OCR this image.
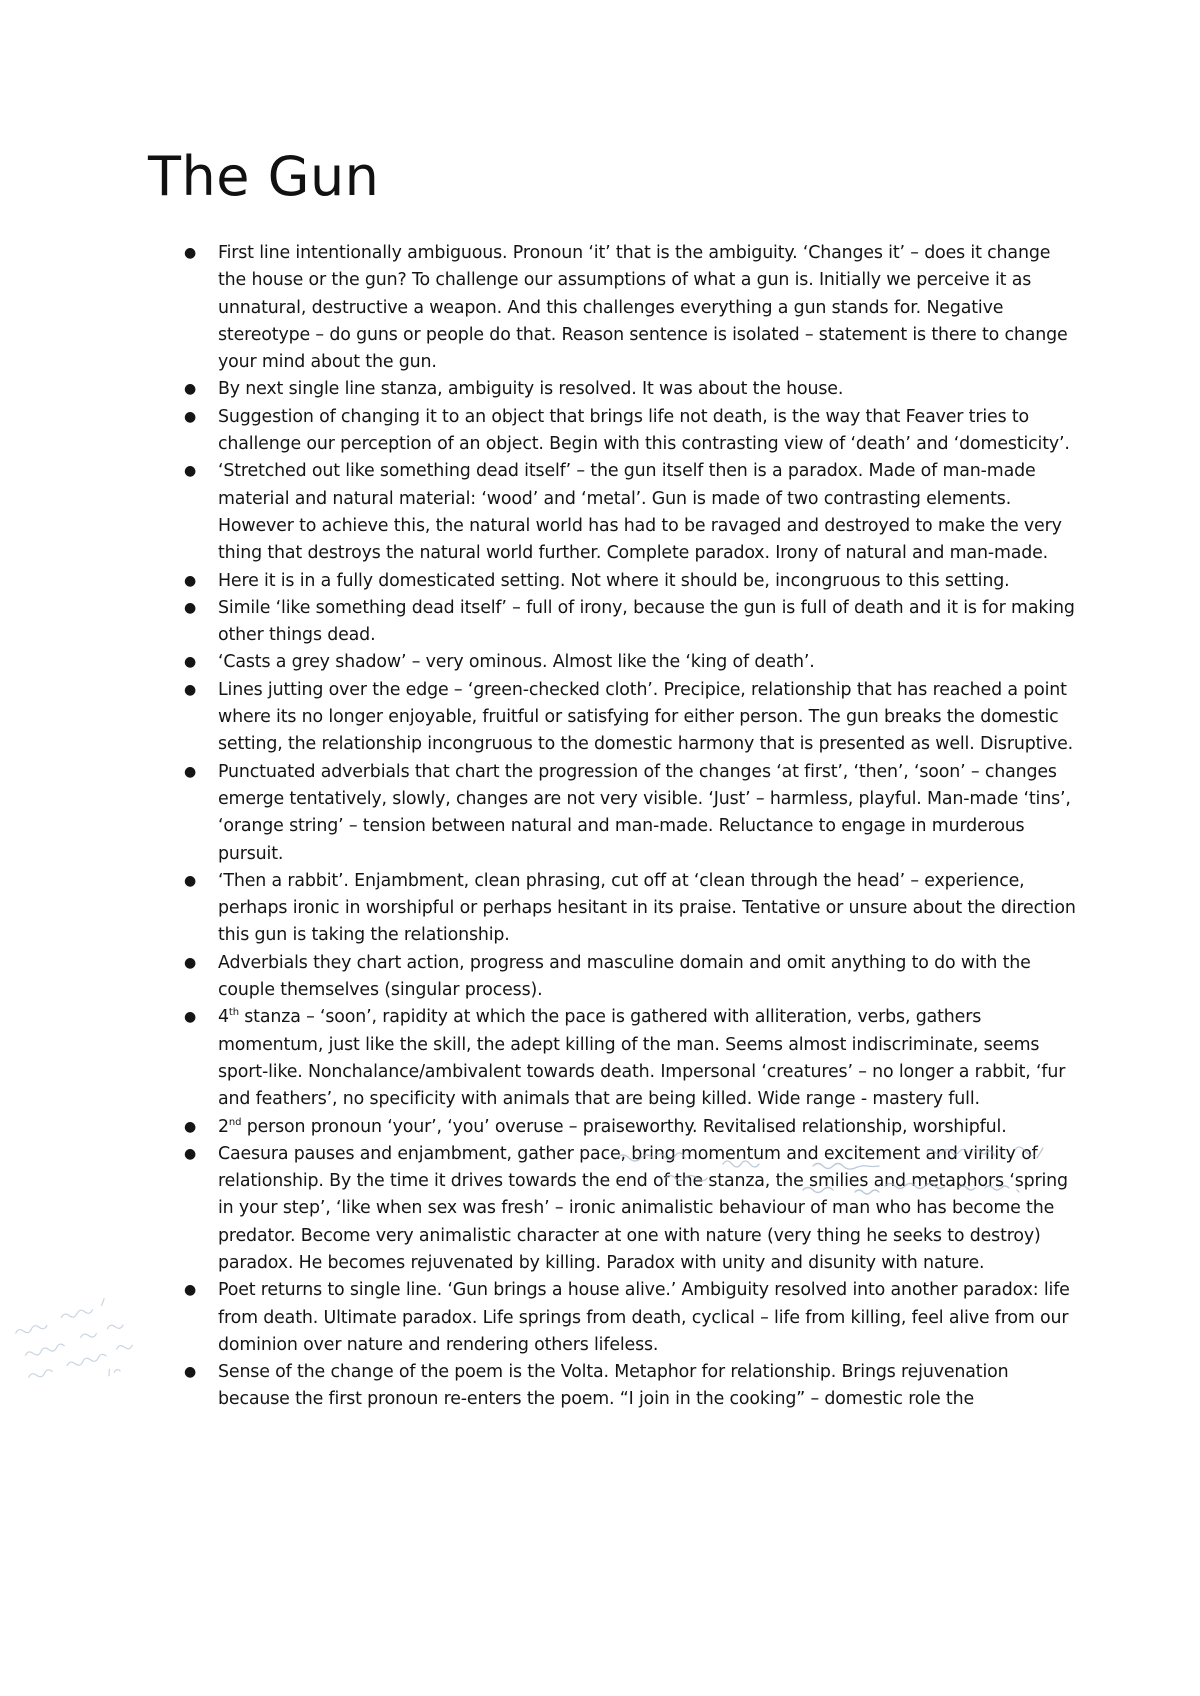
The Gun
● First line intentionally ambiguous. Pronoun ‘it’ that is the ambiguity. ‘Changes it’ – does it change the house or the gun? To challenge our assumptions of what a gun is. Initially we perceive it as unnatural, destructive a weapon. And this challenges everything a gun stands for. Negative stereotype – do guns or people do that. Reason sentence is isolated – statement is there to change your mind about the gun.
● By next single line stanza, ambiguity is resolved. It was about the house.
● Suggestion of changing it to an object that brings life not death, is the way that Feaver tries to challenge our perception of an object. Begin with this contrasting view of ‘death’ and ‘domesticity’.
● ‘Stretched out like something dead itself’ – the gun itself then is a paradox. Made of man-made material and natural material: ‘wood’ and ‘metal’. Gun is made of two contrasting elements. However to achieve this, the natural world has had to be ravaged and destroyed to make the very thing that destroys the natural world further. Complete paradox. Irony of natural and man-made.
● Here it is in a fully domesticated setting. Not where it should be, incongruous to this setting.
● Simile ‘like something dead itself’ – full of irony, because the gun is full of death and it is for making other things dead.
● ‘Casts a grey shadow’ – very ominous. Almost like the ‘king of death’.
● Lines jutting over the edge – ‘green-checked cloth’. Precipice, relationship that has reached a point where its no longer enjoyable, fruitful or satisfying for either person. The gun breaks the domestic setting, the relationship incongruous to the domestic harmony that is presented as well. Disruptive.
● Punctuated adverbials that chart the progression of the changes ‘at first’, ‘then’, ‘soon’ – changes emerge tentatively, slowly, changes are not very visible. ‘Just’ – harmless, playful. Man-made ‘tins’, ‘orange string’ – tension between natural and man-made. Reluctance to engage in murderous pursuit.
● ‘Then a rabbit’. Enjambment, clean phrasing, cut off at ‘clean through the head’ – experience, perhaps ironic in worshipful or perhaps hesitant in its praise. Tentative or unsure about the direction this gun is taking the relationship.
● Adverbials they chart action, progress and masculine domain and omit anything to do with the couple themselves (singular process).
● 4th stanza – ‘soon’, rapidity at which the pace is gathered with alliteration, verbs, gathers momentum, just like the skill, the adept killing of the man. Seems almost indiscriminate, seems sport-like. Nonchalance/ambivalent towards death. Impersonal ‘creatures’ – no longer a rabbit, ‘fur and feathers’, no specificity with animals that are being killed. Wide range - mastery full.
● 2nd person pronoun ‘your’, ‘you’ overuse – praiseworthy. Revitalised relationship, worshipful.
● Caesura pauses and enjambment, gather pace, bring momentum and excitement and virility of relationship. By the time it drives towards the end of the stanza, the smilies and metaphors ‘spring in your step’, ‘like when sex was fresh’ – ironic animalistic behaviour of man who has become the predator. Become very animalistic character at one with nature (very thing he seeks to destroy) paradox. He becomes rejuvenated by killing. Paradox with unity and disunity with nature.
● Poet returns to single line. ‘Gun brings a house alive.’ Ambiguity resolved into another paradox: life from death. Ultimate paradox. Life springs from death, cyclical – life from killing, feel alive from our dominion over nature and rendering others lifeless.
● Sense of the change of the poem is the Volta. Metaphor for relationship. Brings rejuvenation because the first pronoun re-enters the poem. “I join in the cooking” – domestic role the
